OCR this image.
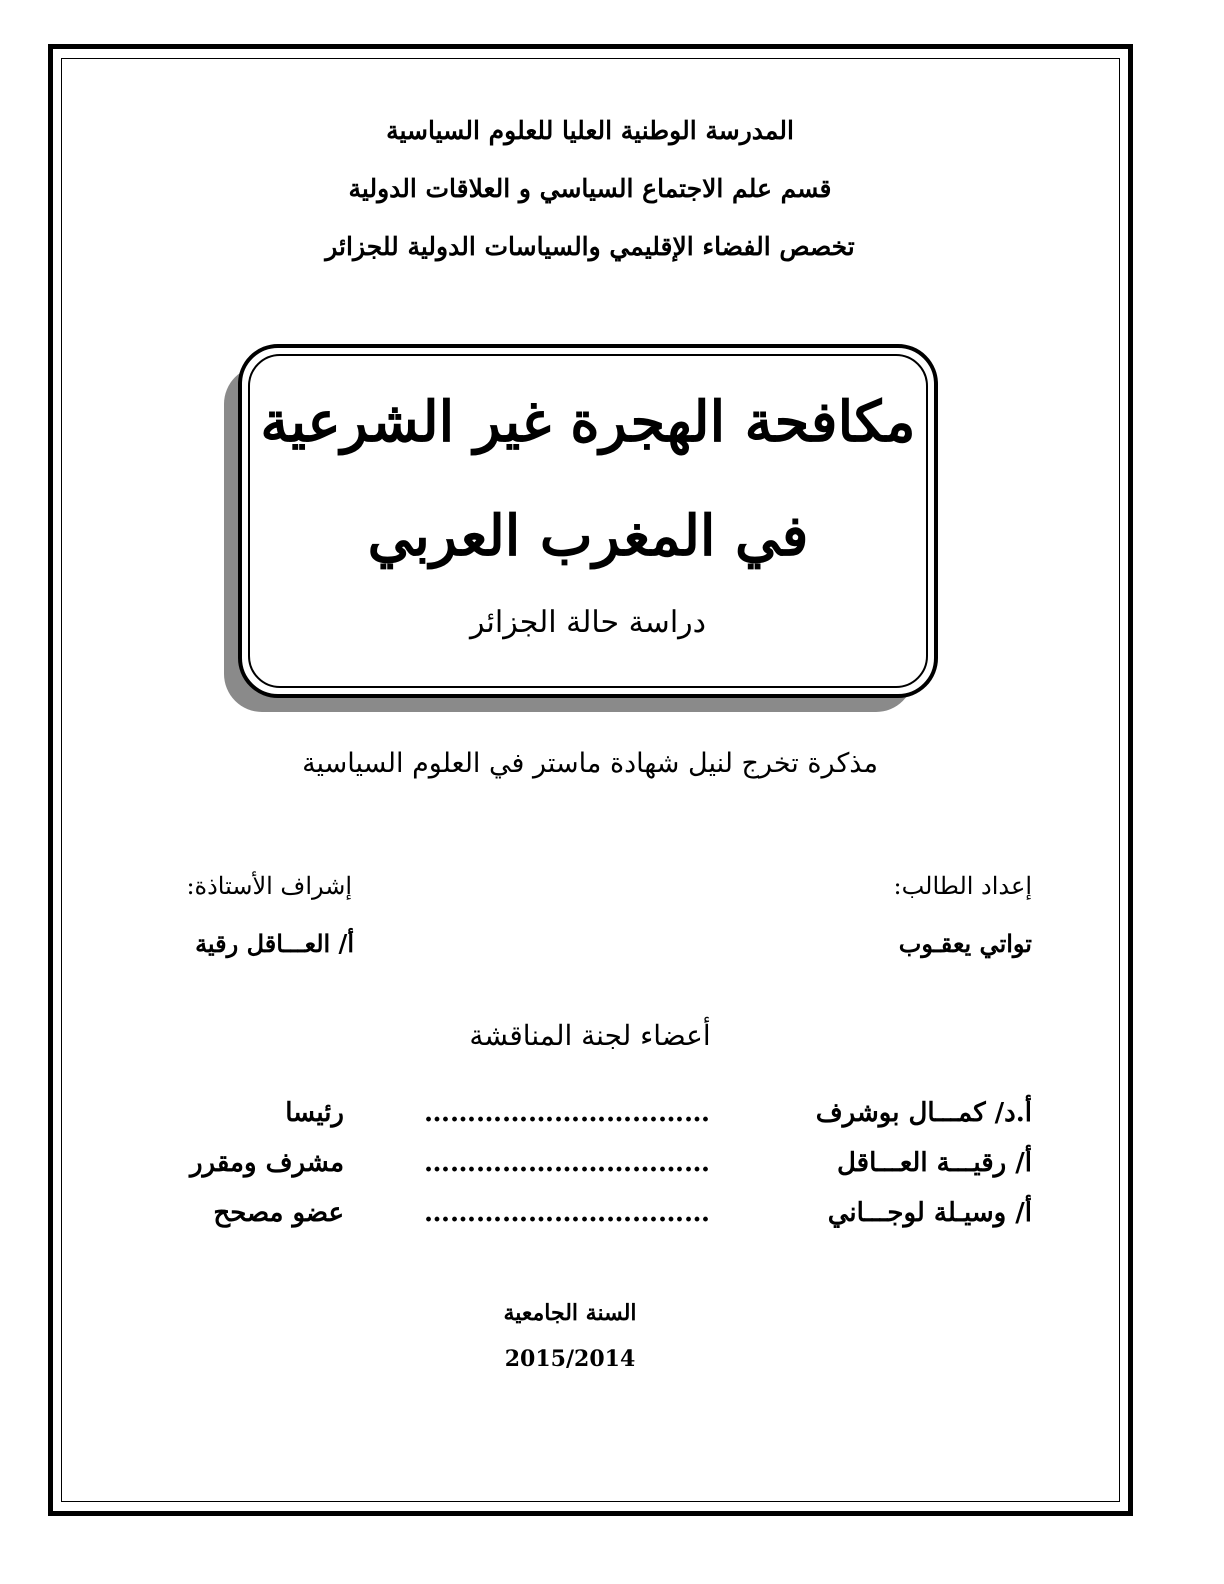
المدرسة الوطنية العليا للعلوم السياسية
قسم علم الاجتماع السياسي و العلاقات الدولية
تخصص الفضاء الإقليمي والسياسات الدولية للجزائر
مكافحة الهجرة غير الشرعية
في المغرب العربي
دراسة حالة الجزائر
مذكرة تخرج لنيل شهادة ماستر في العلوم السياسية
إعداد الطالب:
تواتي يعقـوب
إشراف الأستاذة:
أ/ العـــاقل رقية
أعضاء لجنة المناقشة
أ.د/ كمـــال بوشرف
……………………………
رئيسا
أ/ رقيـــة العـــاقل
……………………………
مشرف ومقرر
أ/ وسيـلة لوجـــاني
……………………………
عضو مصحح
السنة الجامعية
2015/2014
